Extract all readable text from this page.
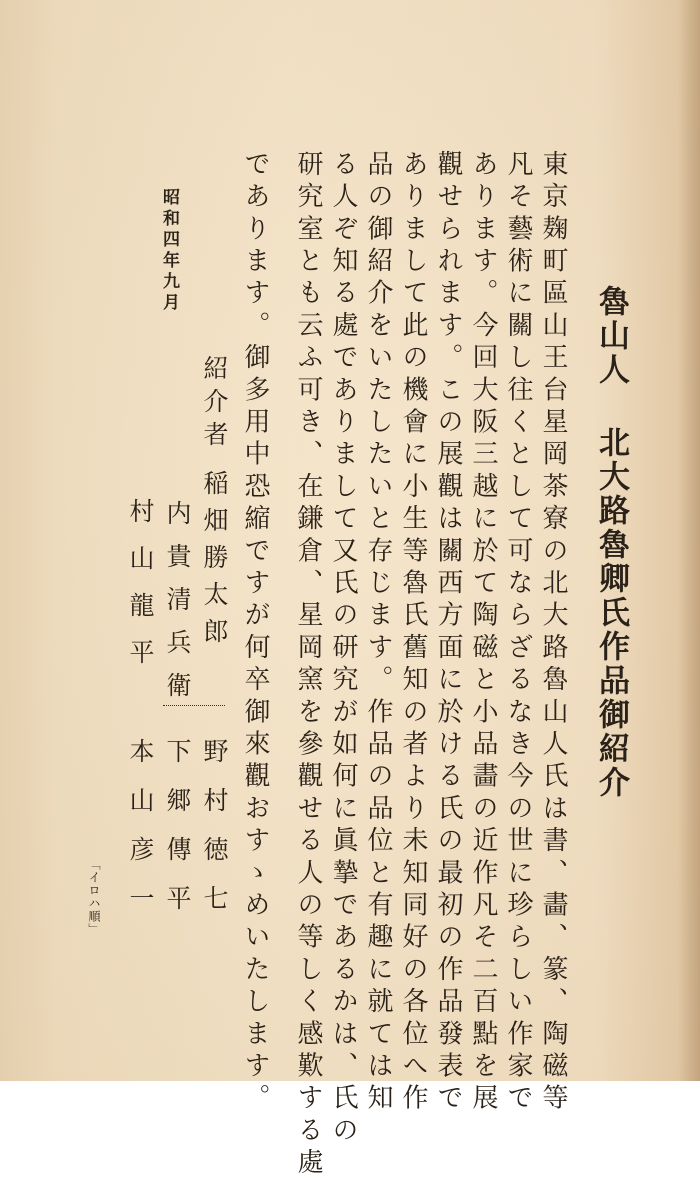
魯山人 北大路魯卿氏作品御紹介
東京麹町區山王台星岡茶寮の北大路魯山人氏は書、畵、篆、陶磁等
凡そ藝術に關し往くとして可ならざるなき今の世に珍らしい作家で
あります。今回大阪三越に於て陶磁と小品畵の近作凡そ二百點を展
觀せられます。この展觀は關西方面に於ける氏の最初の作品發表で
ありまして此の機會に小生等魯氏舊知の者より未知同好の各位へ作
品の御紹介をいたしたいと存じます。作品の品位と有趣に就ては知
る人ぞ知る處でありまして又氏の研究が如何に眞摯であるかは、氏の
研究室とも云ふ可き、在鎌倉、星岡窯を參觀せる人の等しく感歎する處
であります。御多用中恐縮ですが何卒御來觀おすゝめいたします。
昭和四年九月
紹介者
稲畑勝太郎
野村徳七
内貴清兵衛
下郷傳平
村山龍平
本山彦一
「イロハ順」
